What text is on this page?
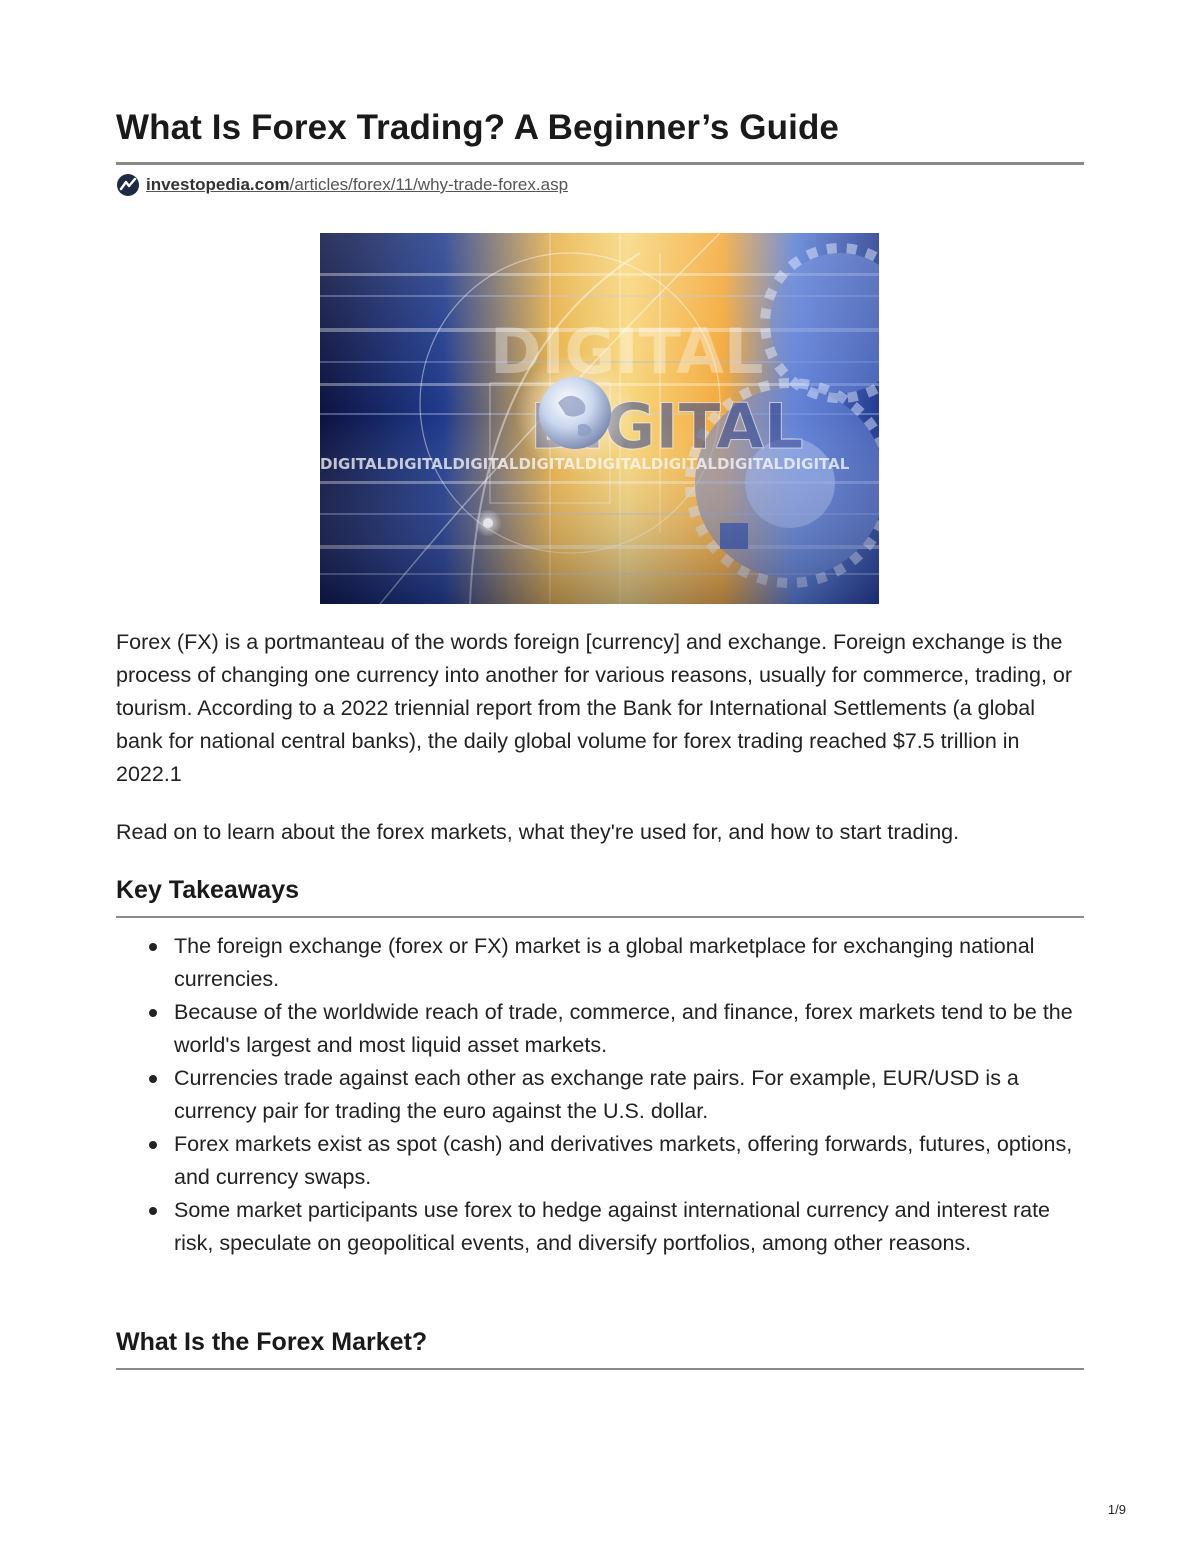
What Is Forex Trading? A Beginner’s Guide
investopedia.com/articles/forex/11/why-trade-forex.asp

Forex (FX) is a portmanteau of the words foreign [currency] and exchange. Foreign exchange is the process of changing one currency into another for various reasons, usually for commerce, trading, or tourism. According to a 2022 triennial report from the Bank for International Settlements (a global bank for national central banks), the daily global volume for forex trading reached $7.5 trillion in 2022.1

Read on to learn about the forex markets, what they're used for, and how to start trading.

Key Takeaways
The foreign exchange (forex or FX) market is a global marketplace for exchanging national currencies.
Because of the worldwide reach of trade, commerce, and finance, forex markets tend to be the world's largest and most liquid asset markets.
Currencies trade against each other as exchange rate pairs. For example, EUR/USD is a currency pair for trading the euro against the U.S. dollar.
Forex markets exist as spot (cash) and derivatives markets, offering forwards, futures, options, and currency swaps.
Some market participants use forex to hedge against international currency and interest rate risk, speculate on geopolitical events, and diversify portfolios, among other reasons.
What Is the Forex Market?
1/9
